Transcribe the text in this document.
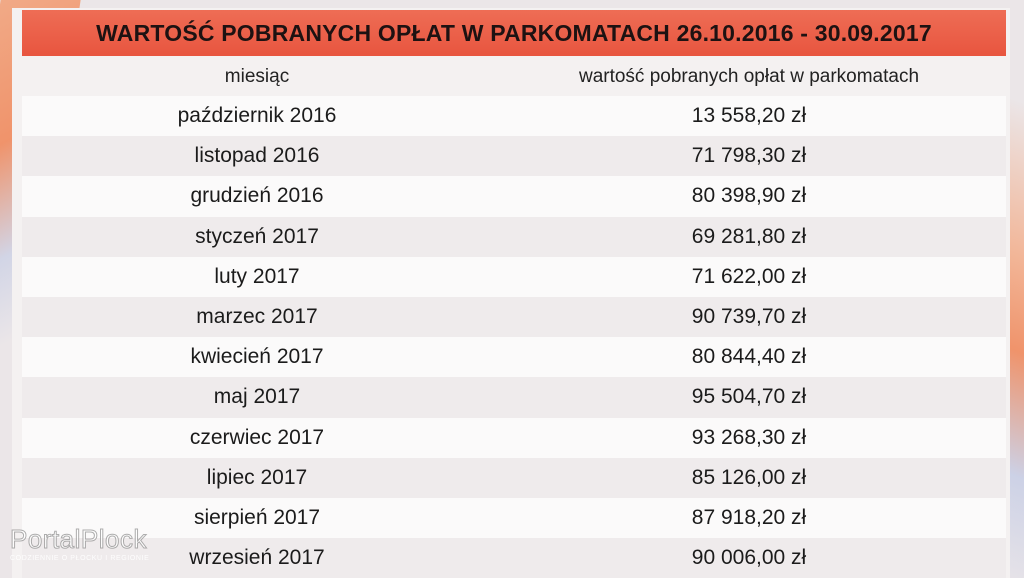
WARTOŚĆ POBRANYCH OPŁAT W PARKOMATACH 26.10.2016 - 30.09.2017
miesiąc	wartość pobranych opłat w parkomatach
październik 2016	13 558,20 zł
listopad 2016	71 798,30 zł
grudzień 2016	80 398,90 zł
styczeń 2017	69 281,80 zł
luty 2017	71 622,00 zł
marzec 2017	90 739,70 zł
kwiecień 2017	80 844,40 zł
maj 2017	95 504,70 zł
czerwiec 2017	93 268,30 zł
lipiec 2017	85 126,00 zł
sierpień 2017	87 918,20 zł
wrzesień 2017	90 006,00 zł
PortalPlock
CODZIENNIE O PŁOCKU I REGIONIE
